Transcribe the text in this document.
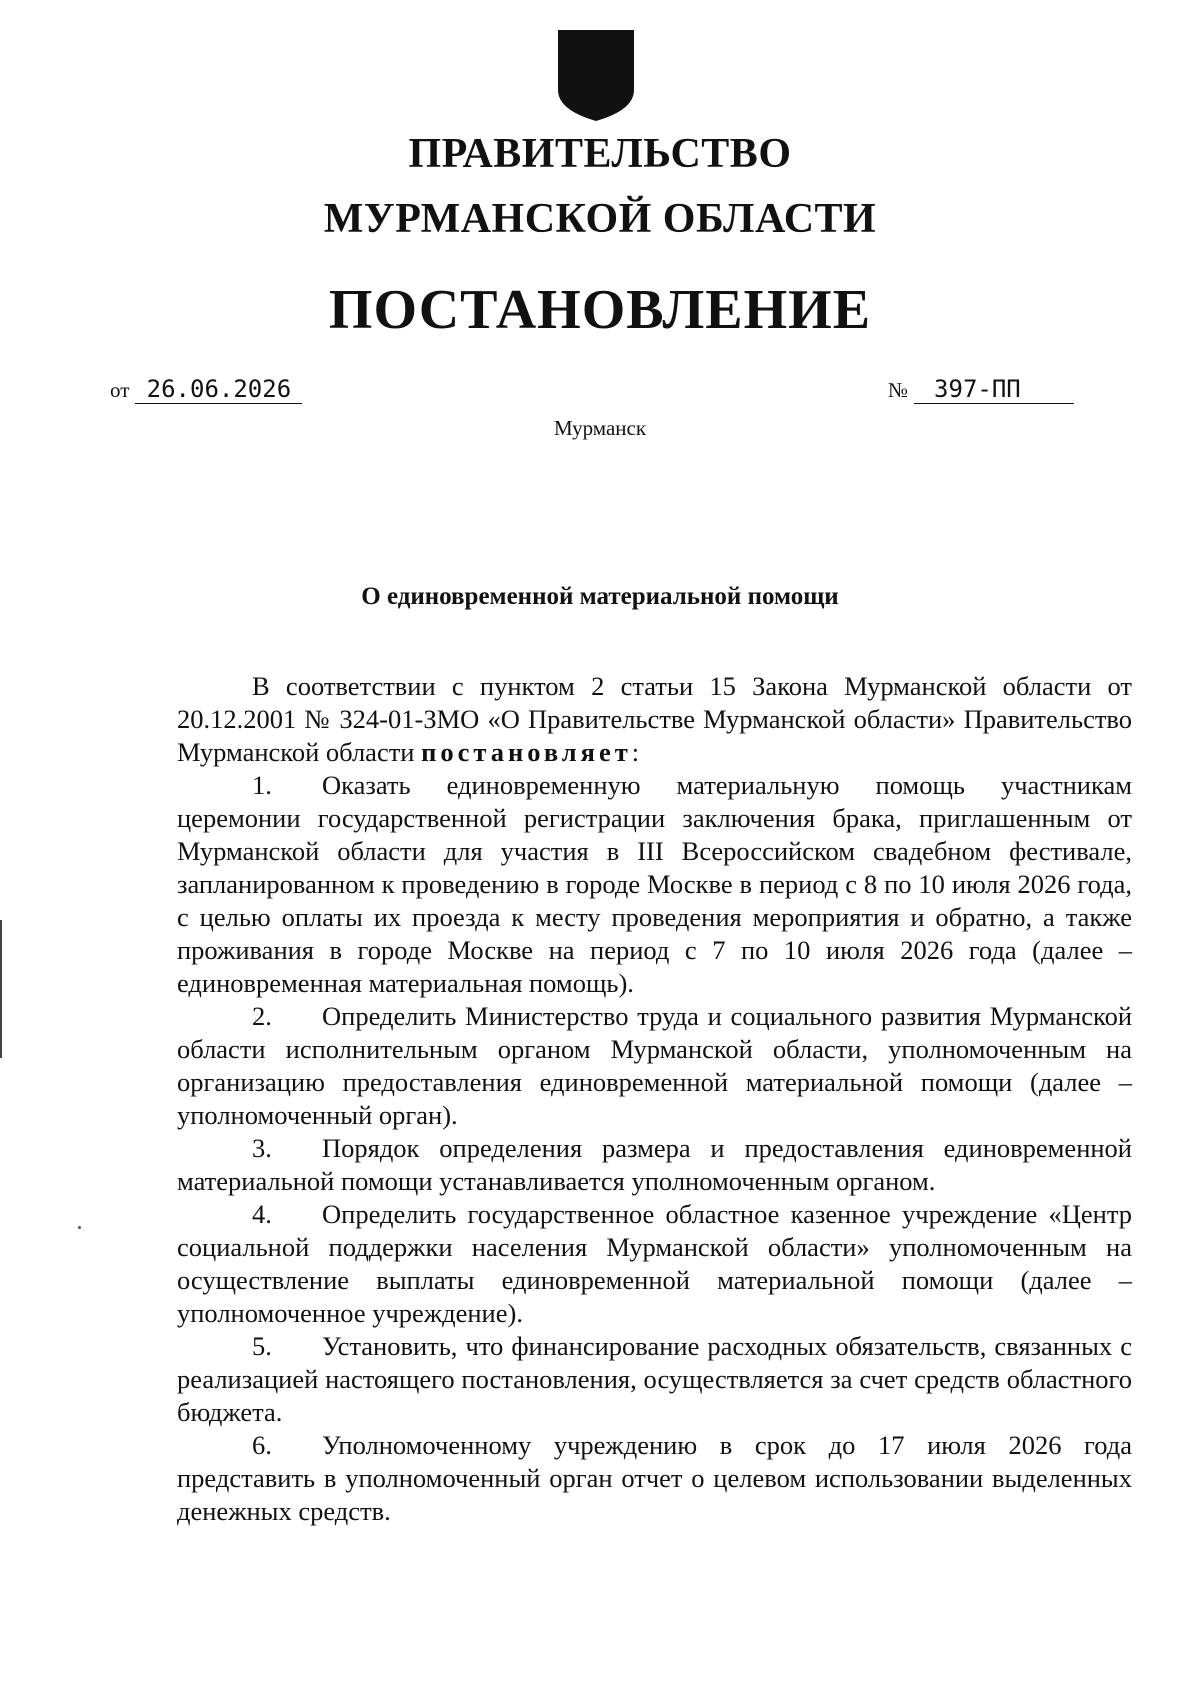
ПРАВИТЕЛЬСТВО
МУРМАНСКОЙ ОБЛАСТИ
ПОСТАНОВЛЕНИЕ
от 26.06.2026	№ 397-ПП
Мурманск
О единовременной материальной помощи

В соответствии с пунктом 2 статьи 15 Закона Мурманской области от 20.12.2001 № 324-01-ЗМО «О Правительстве Мурманской области» Правительство Мурманской области постановляет:

1. Оказать единовременную материальную помощь участникам церемонии государственной регистрации заключения брака, приглашенным от Мурманской области для участия в III Всероссийском свадебном фестивале, запланированном к проведению в городе Москве в период с 8 по 10 июля 2026 года, с целью оплаты их проезда к месту проведения мероприятия и обратно, а также проживания в городе Москве на период с 7 по 10 июля 2026 года (далее – единовременная материальная помощь).

2. Определить Министерство труда и социального развития Мурманской области исполнительным органом Мурманской области, уполномоченным на организацию предоставления единовременной материальной помощи (далее – уполномоченный орган).

3. Порядок определения размера и предоставления единовременной материальной помощи устанавливается уполномоченным органом.

4. Определить государственное областное казенное учреждение «Центр социальной поддержки населения Мурманской области» уполномоченным на осуществление выплаты единовременной материальной помощи (далее – уполномоченное учреждение).

5. Установить, что финансирование расходных обязательств, связанных с реализацией настоящего постановления, осуществляется за счет средств областного бюджета.

6. Уполномоченному учреждению в срок до 17 июля 2026 года представить в уполномоченный орган отчет о целевом использовании выделенных денежных средств.
